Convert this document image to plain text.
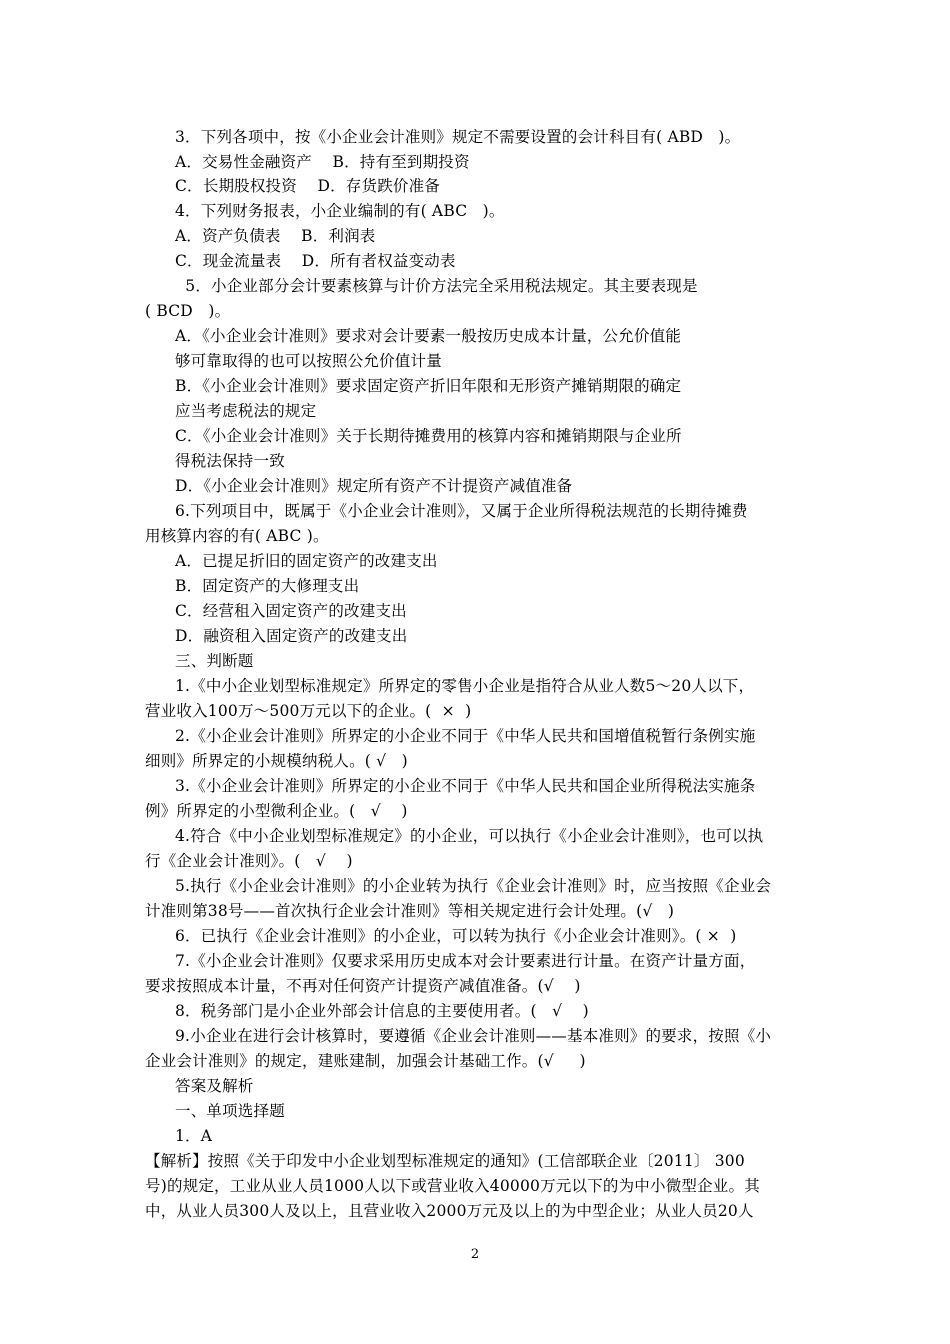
3．下列各项中，按《小企业会计准则》规定不需要设置的会计科目有( ABD   )。
A．交易性金融资产    B．持有至到期投资
C．长期股权投资    D．存货跌价准备
4．下列财务报表，小企业编制的有( ABC   )。
A．资产负债表    B．利润表
C．现金流量表    D．所有者权益变动表
5．小企业部分会计要素核算与计价方法完全采用税法规定。其主要表现是
( BCD   )。
A．《小企业会计准则》要求对会计要素一般按历史成本计量，公允价值能
够可靠取得的也可以按照公允价值计量
B．《小企业会计准则》要求固定资产折旧年限和无形资产摊销期限的确定
应当考虑税法的规定
C．《小企业会计准则》关于长期待摊费用的核算内容和摊销期限与企业所
得税法保持一致
D．《小企业会计准则》规定所有资产不计提资产减值准备
6.下列项目中，既属于《小企业会计准则》，又属于企业所得税法规范的长期待摊费
用核算内容的有( ABC )。
A．已提足折旧的固定资产的改建支出
B．固定资产的大修理支出
C．经营租入固定资产的改建支出
D．融资租入固定资产的改建支出
三、判断题
1.《中小企业划型标准规定》所界定的零售小企业是指符合从业人数5～20人以下，
营业收入100万～500万元以下的企业。(  ×  )
2.《小企业会计准则》所界定的小企业不同于《中华人民共和国增值税暂行条例实施
细则》所界定的小规模纳税人。( √   )
3.《小企业会计准则》所界定的小企业不同于《中华人民共和国企业所得税法实施条
例》所界定的小型微利企业。(   √    )
4.符合《中小企业划型标准规定》的小企业，可以执行《小企业会计准则》，也可以执
行《企业会计准则》。(   √    )
5.执行《小企业会计准则》的小企业转为执行《企业会计准则》时，应当按照《企业会
计准则第38号——首次执行企业会计准则》等相关规定进行会计处理。(√   )
6．已执行《企业会计准则》的小企业，可以转为执行《小企业会计准则》。( ×  )
7.《小企业会计准则》仅要求采用历史成本对会计要素进行计量。在资产计量方面，
要求按照成本计量，不再对任何资产计提资产减值准备。(√    )
8．税务部门是小企业外部会计信息的主要使用者。(   √    )
9.小企业在进行会计核算时，要遵循《企业会计准则——基本准则》的要求，按照《小
企业会计准则》的规定，建账建制，加强会计基础工作。(√     )
答案及解析
一、单项选择题
1．A
【解析】按照《关于印发中小企业划型标准规定的通知》(工信部联企业〔2011〕 300
号)的规定，工业从业人员1000人以下或营业收入40000万元以下的为中小微型企业。其
中，从业人员300人及以上，且营业收入2000万元及以上的为中型企业；从业人员20人
2
